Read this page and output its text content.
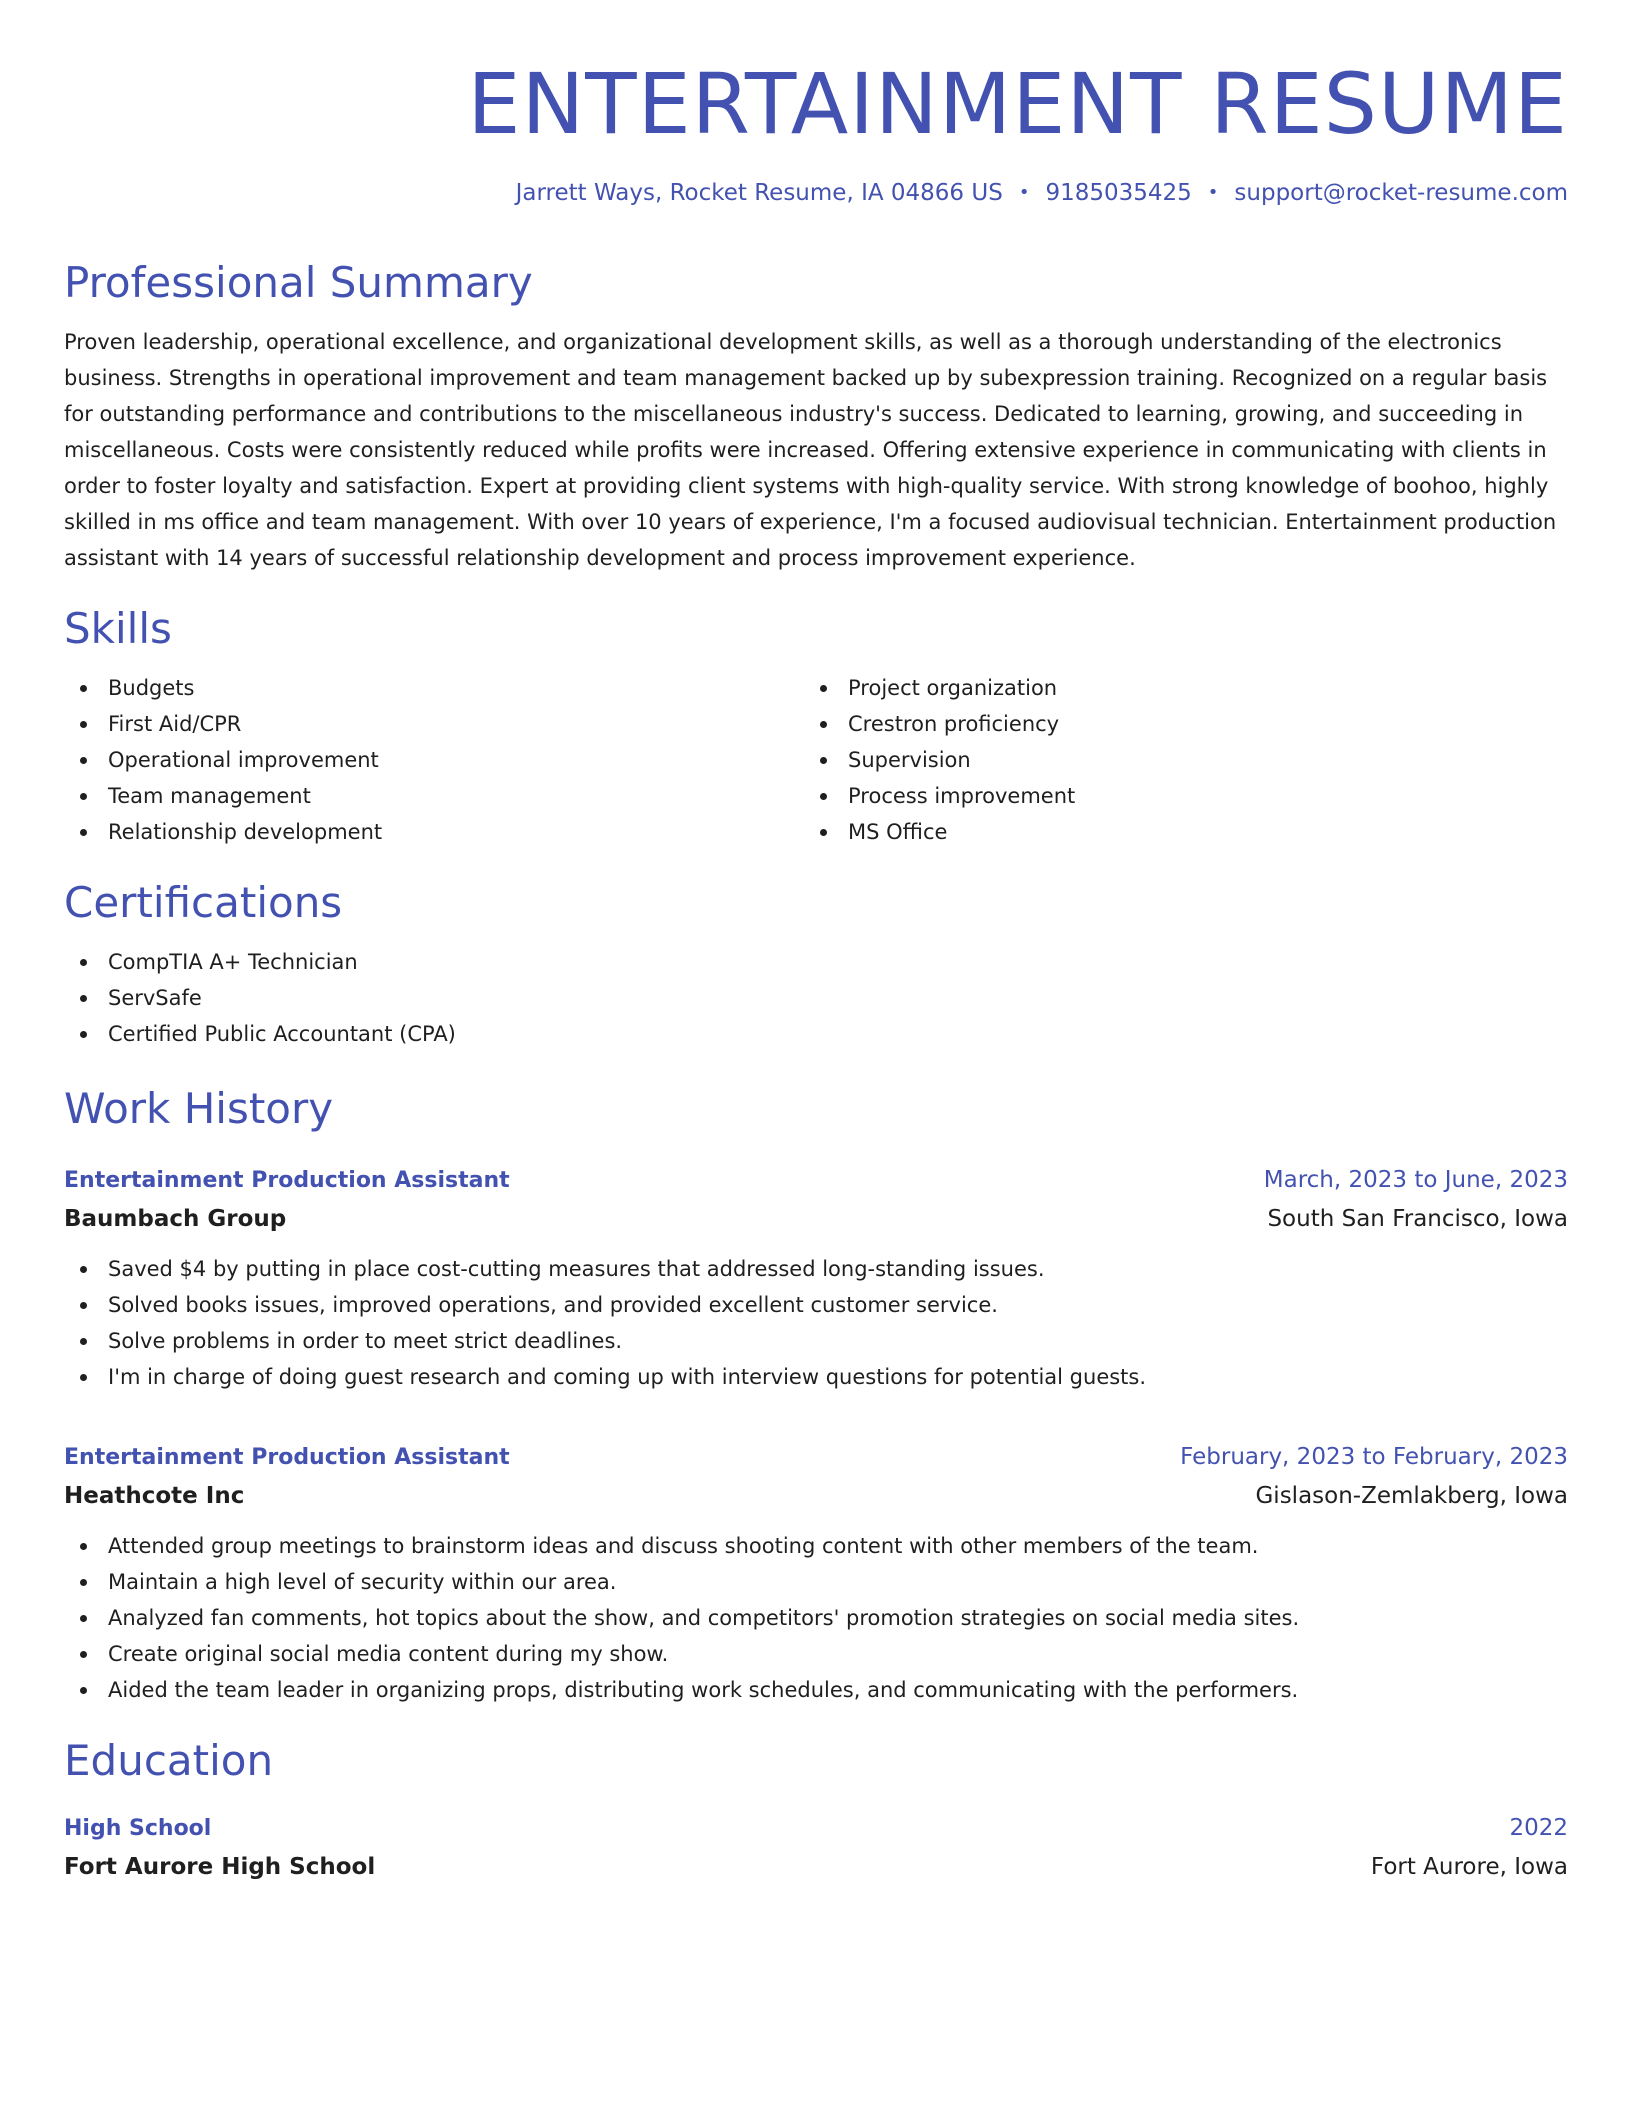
ENTERTAINMENT RESUME
Jarrett Ways, Rocket Resume, IA 04866 US • 9185035425 • support@rocket-resume.com
Professional Summary

Proven leadership, operational excellence, and organizational development skills, as well as a thorough understanding of the electronics business. Strengths in operational improvement and team management backed up by subexpression training. Recognized on a regular basis for outstanding performance and contributions to the miscellaneous industry's success. Dedicated to learning, growing, and succeeding in miscellaneous. Costs were consistently reduced while profits were increased. Offering extensive experience in communicating with clients in order to foster loyalty and satisfaction. Expert at providing client systems with high-quality service. With strong knowledge of boohoo, highly skilled in ms office and team management. With over 10 years of experience, I'm a focused audiovisual technician. Entertainment production assistant with 14 years of successful relationship development and process improvement experience.

Skills
Budgets
First Aid/CPR
Operational improvement
Team management
Relationship development
Project organization
Crestron proficiency
Supervision
Process improvement
MS Office
Certifications
CompTIA A+ Technician
ServSafe
Certified Public Accountant (CPA)
Work History
Entertainment Production Assistant	March, 2023 to June, 2023
Baumbach Group	South San Francisco, Iowa
Saved $4 by putting in place cost-cutting measures that addressed long-standing issues.
Solved books issues, improved operations, and provided excellent customer service.
Solve problems in order to meet strict deadlines.
I'm in charge of doing guest research and coming up with interview questions for potential guests.
Entertainment Production Assistant	February, 2023 to February, 2023
Heathcote Inc	Gislason-Zemlakberg, Iowa
Attended group meetings to brainstorm ideas and discuss shooting content with other members of the team.
Maintain a high level of security within our area.
Analyzed fan comments, hot topics about the show, and competitors' promotion strategies on social media sites.
Create original social media content during my show.
Aided the team leader in organizing props, distributing work schedules, and communicating with the performers.
Education
High School	2022
Fort Aurore High School	Fort Aurore, Iowa
